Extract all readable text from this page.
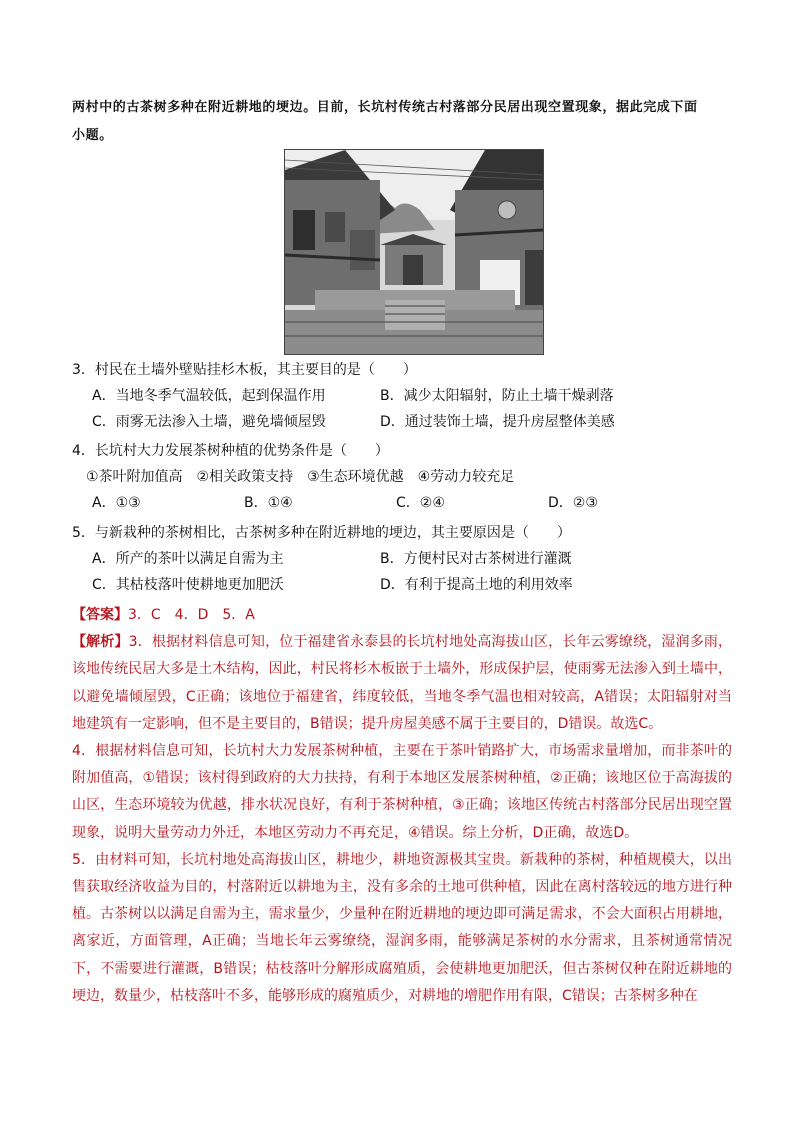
两村中的古茶树多种在附近耕地的埂边。目前，长坑村传统古村落部分民居出现空置现象，据此完成下面

小题。

3．村民在土墙外壁贴挂杉木板，其主要目的是（　　）

A．当地冬季气温较低，起到保温作用	B．减少太阳辐射，防止土墙干燥剥落
C．雨雾无法渗入土墙，避免墙倾屋毁	D．通过装饰土墙，提升房屋整体美感

4．长坑村大力发展茶树种植的优势条件是（　　）

①茶叶附加值高　②相关政策支持　③生态环境优越　④劳动力较充足

A．①③	B．①④	C．②④	D．②③

5．与新栽种的茶树相比，古茶树多种在附近耕地的埂边，其主要原因是（　　）

A．所产的茶叶以满足自需为主	B．方便村民对古茶树进行灌溉
C．其枯枝落叶使耕地更加肥沃	D．有利于提高土地的利用效率

【答案】3．C　4．D　5．A

【解析】3．根据材料信息可知，位于福建省永泰县的长坑村地处高海拔山区，长年云雾缭绕，湿润多雨，该地传统民居大多是土木结构，因此，村民将杉木板嵌于土墙外，形成保护层，使雨雾无法渗入到土墙中，以避免墙倾屋毁，C正确；该地位于福建省，纬度较低，当地冬季气温也相对较高，A错误；太阳辐射对当地建筑有一定影响，但不是主要目的，B错误；提升房屋美感不属于主要目的，D错误。故选C。

4．根据材料信息可知，长坑村大力发展茶树种植，主要在于茶叶销路扩大，市场需求量增加，而非茶叶的附加值高，①错误；该村得到政府的大力扶持，有利于本地区发展茶树种植，②正确；该地区位于高海拔的山区，生态环境较为优越，排水状况良好，有利于茶树种植，③正确；该地区传统古村落部分民居出现空置现象，说明大量劳动力外迁，本地区劳动力不再充足，④错误。综上分析，D正确，故选D。

5．由材料可知，长坑村地处高海拔山区，耕地少，耕地资源极其宝贵。新栽种的茶树，种植规模大，以出售获取经济收益为目的，村落附近以耕地为主，没有多余的土地可供种植，因此在离村落较远的地方进行种植。古茶树以以满足自需为主，需求量少，少量种在附近耕地的埂边即可满足需求，不会大面积占用耕地，离家近，方面管理，A正确；当地长年云雾缭绕，湿润多雨，能够满足茶树的水分需求，且茶树通常情况下，不需要进行灌溉，B错误；枯枝落叶分解形成腐殖质，会使耕地更加肥沃，但古茶树仅种在附近耕地的埂边，数量少，枯枝落叶不多，能够形成的腐殖质少，对耕地的增肥作用有限，C错误；古茶树多种在
